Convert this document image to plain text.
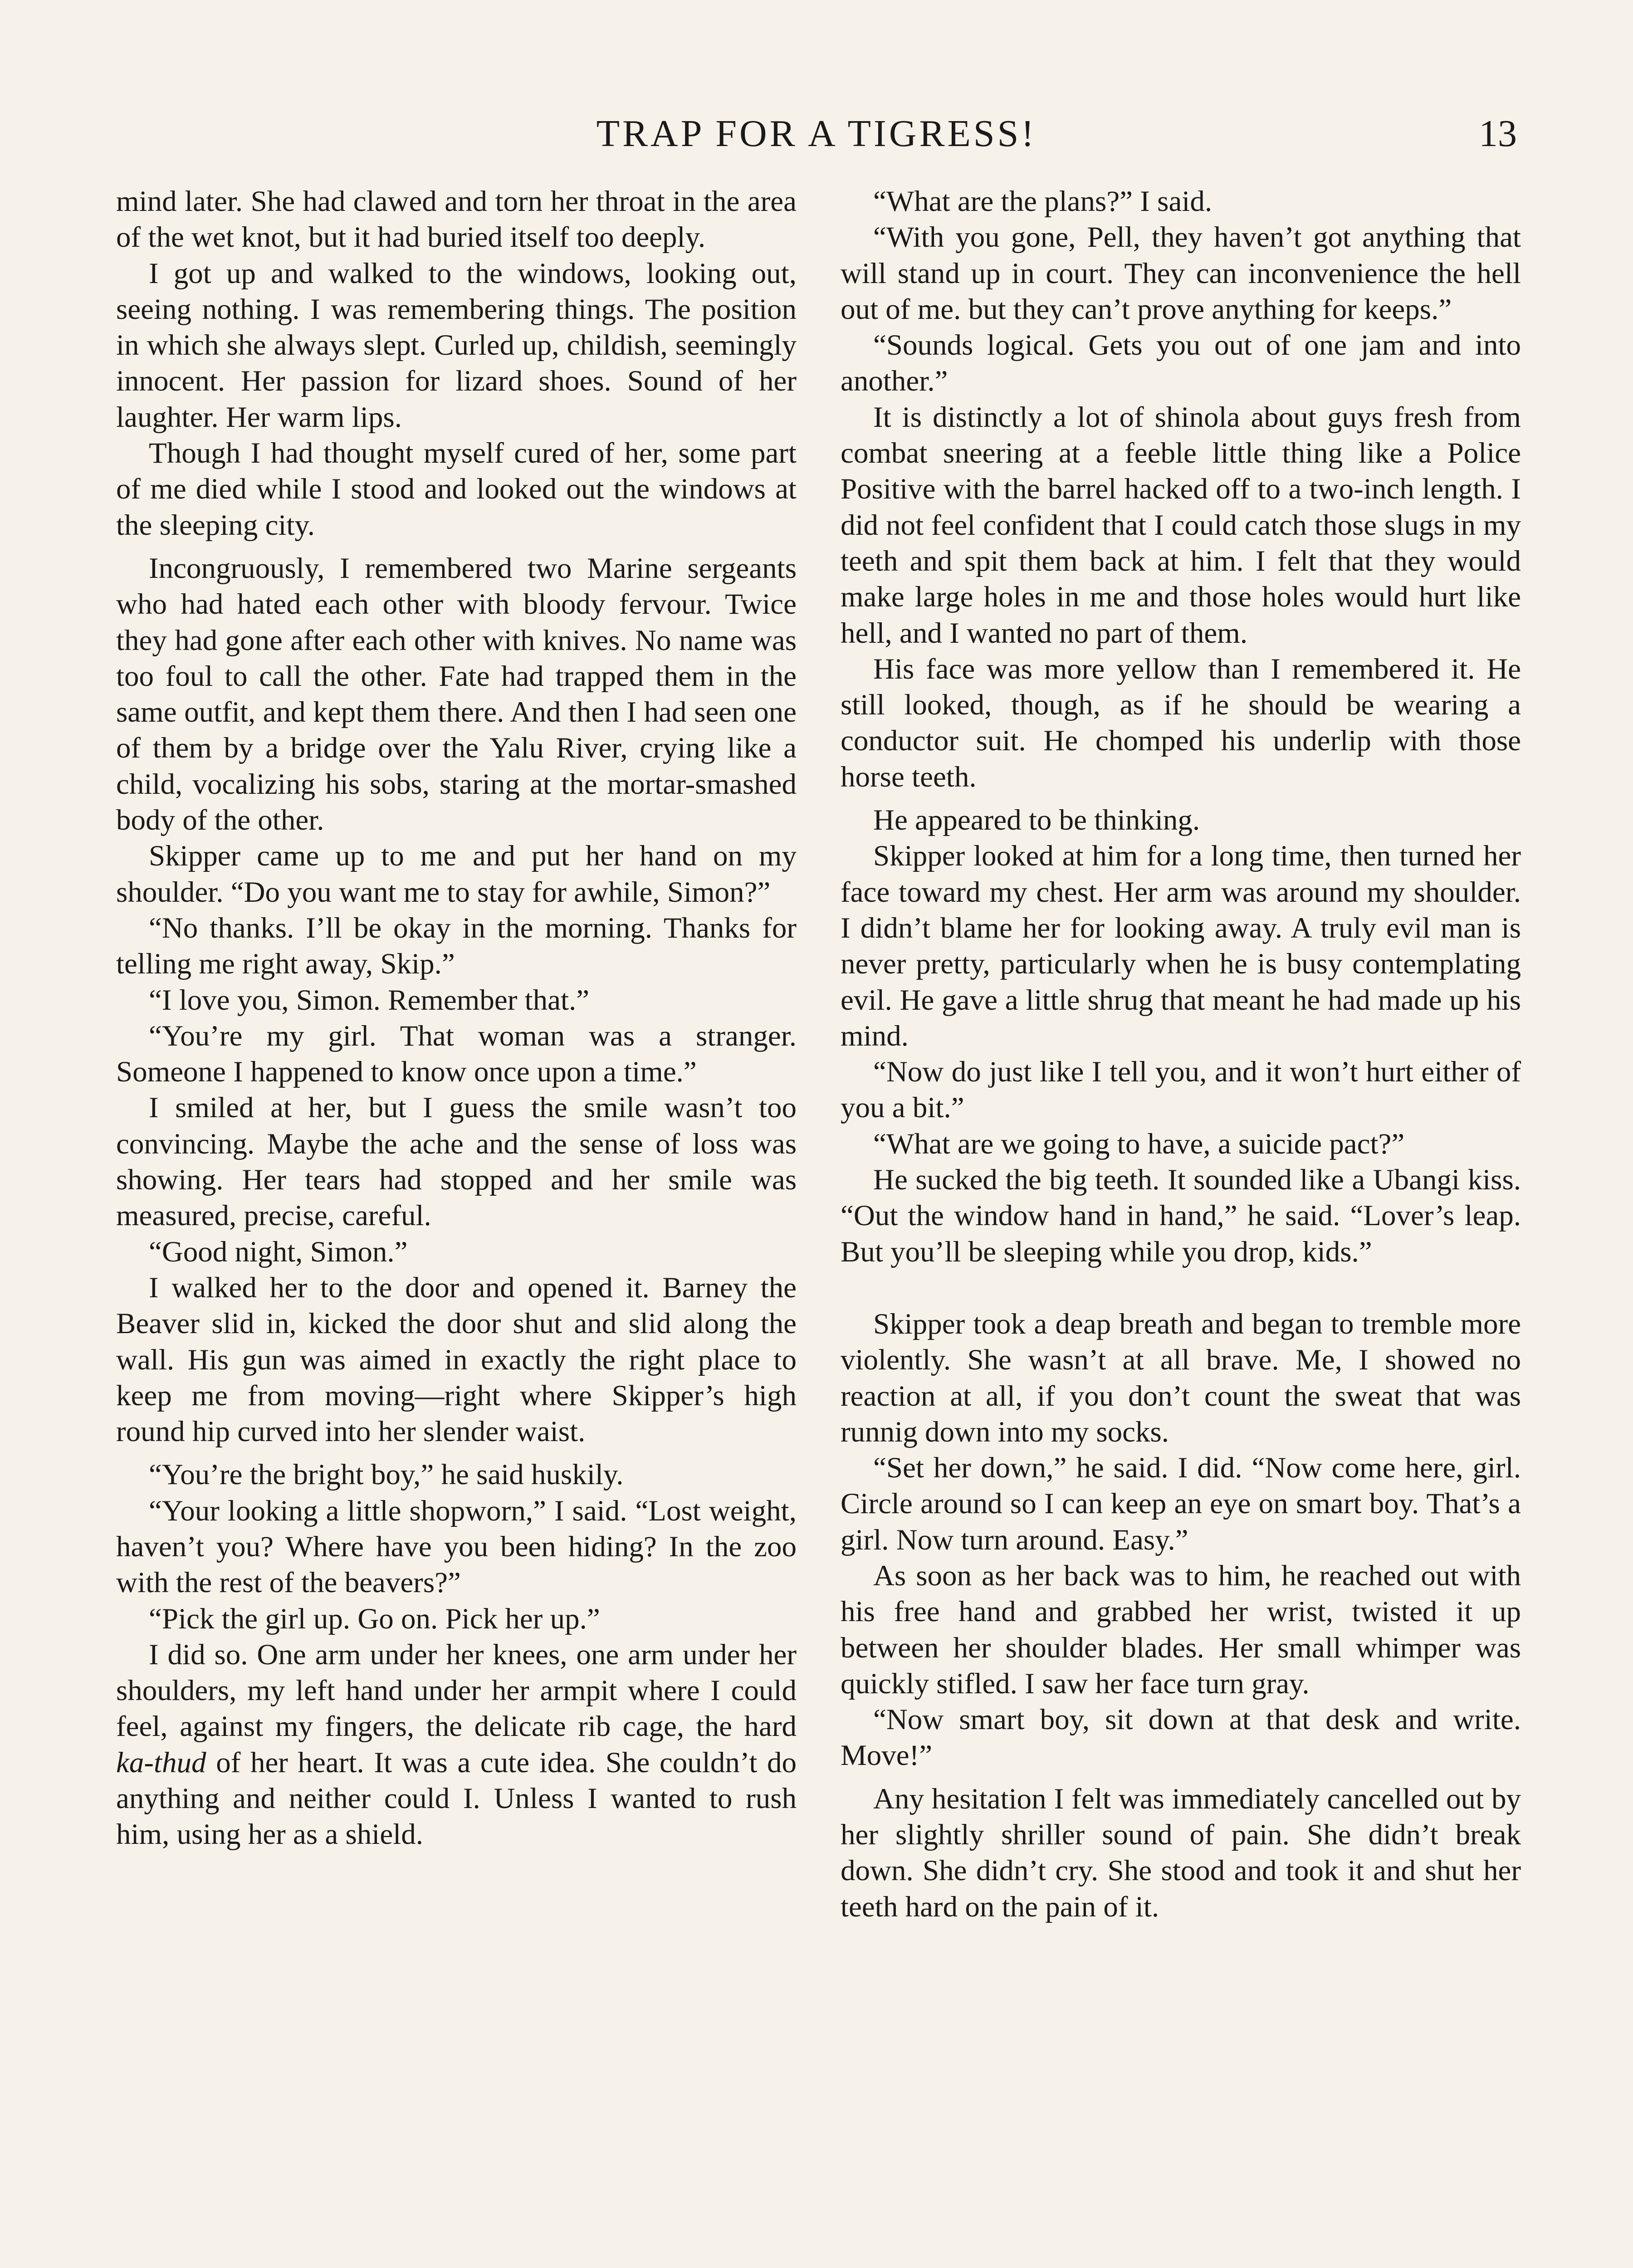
TRAP FOR A TIGRESS!	13

mind later. She had clawed and torn her throat in the area of the wet knot, but it had buried itself too deeply.

I got up and walked to the windows, looking out, seeing nothing. I was remembering things. The position in which she always slept. Curled up, childish, seemingly innocent. Her passion for lizard shoes. Sound of her laughter. Her warm lips.

Though I had thought myself cured of her, some part of me died while I stood and looked out the windows at the sleeping city.

Incongruously, I remembered two Marine sergeants who had hated each other with bloody fervour. Twice they had gone after each other with knives. No name was too foul to call the other. Fate had trapped them in the same outfit, and kept them there. And then I had seen one of them by a bridge over the Yalu River, crying like a child, vocalizing his sobs, staring at the mortar-smashed body of the other.

Skipper came up to me and put her hand on my shoulder. “Do you want me to stay for awhile, Simon?”

“No thanks. I’ll be okay in the morning. Thanks for telling me right away, Skip.”

“I love you, Simon. Remember that.”

“You’re my girl. That woman was a stranger. Someone I happened to know once upon a time.”

I smiled at her, but I guess the smile wasn’t too convincing. Maybe the ache and the sense of loss was showing. Her tears had stopped and her smile was measured, precise, careful.

“Good night, Simon.”

I walked her to the door and opened it. Barney the Beaver slid in, kicked the door shut and slid along the wall. His gun was aimed in exactly the right place to keep me from moving—right where Skipper’s high round hip curved into her slender waist.

“You’re the bright boy,” he said huskily.

“Your looking a little shopworn,” I said. “Lost weight, haven’t you? Where have you been hiding? In the zoo with the rest of the beavers?”

“Pick the girl up. Go on. Pick her up.”

I did so. One arm under her knees, one arm under her shoulders, my left hand under her armpit where I could feel, against my fingers, the delicate rib cage, the hard ka-thud of her heart. It was a cute idea. She couldn’t do anything and neither could I. Unless I wanted to rush him, using her as a shield.

“What are the plans?” I said.

“With you gone, Pell, they haven’t got anything that will stand up in court. They can inconvenience the hell out of me. but they can’t prove anything for keeps.”

“Sounds logical. Gets you out of one jam and into another.”

It is distinctly a lot of shinola about guys fresh from combat sneering at a feeble little thing like a Police Positive with the barrel hacked off to a two-inch length. I did not feel confident that I could catch those slugs in my teeth and spit them back at him. I felt that they would make large holes in me and those holes would hurt like hell, and I wanted no part of them.

His face was more yellow than I remembered it. He still looked, though, as if he should be wearing a conductor suit. He chomped his underlip with those horse teeth.

He appeared to be thinking.

Skipper looked at him for a long time, then turned her face toward my chest. Her arm was around my shoulder. I didn’t blame her for looking away. A truly evil man is never pretty, particularly when he is busy contemplating evil. He gave a little shrug that meant he had made up his mind.

“Now do just like I tell you, and it won’t hurt either of you a bit.”

“What are we going to have, a suicide pact?”

He sucked the big teeth. It sounded like a Ubangi kiss. “Out the window hand in hand,” he said. “Lover’s leap. But you’ll be sleeping while you drop, kids.”

Skipper took a deap breath and began to tremble more violently. She wasn’t at all brave. Me, I showed no reaction at all, if you don’t count the sweat that was runnig down into my socks.

“Set her down,” he said. I did. “Now come here, girl. Circle around so I can keep an eye on smart boy. That’s a girl. Now turn around. Easy.”

As soon as her back was to him, he reached out with his free hand and grabbed her wrist, twisted it up between her shoulder blades. Her small whimper was quickly stifled. I saw her face turn gray.

“Now smart boy, sit down at that desk and write. Move!”

Any hesitation I felt was immediately cancelled out by her slightly shriller sound of pain. She didn’t break down. She didn’t cry. She stood and took it and shut her teeth hard on the pain of it.
